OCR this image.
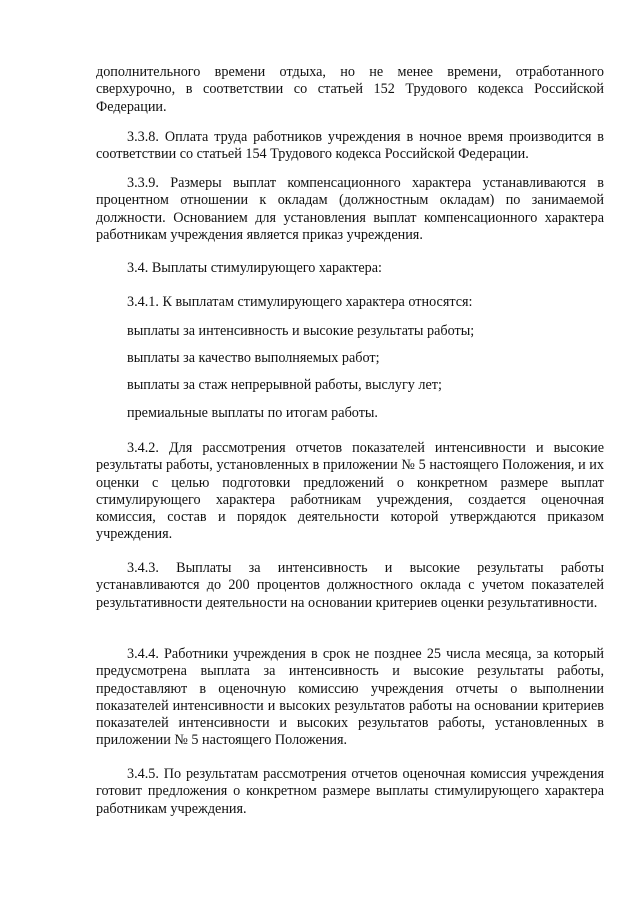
дополнительного времени отдыха, но не менее времени, отработанного сверхурочно, в соответствии со статьей 152 Трудового кодекса Российской Федерации.

3.3.8. Оплата труда работников учреждения в ночное время производится в соответствии со статьей 154 Трудового кодекса Российской Федерации.

3.3.9. Размеры выплат компенсационного характера устанавливаются в процентном отношении к окладам (должностным окладам) по занимаемой должности. Основанием для установления выплат компенсационного характера работникам учреждения является приказ учреждения.

3.4. Выплаты стимулирующего характера:

3.4.1. К выплатам стимулирующего характера относятся:

выплаты за интенсивность и высокие результаты работы;

выплаты за качество выполняемых работ;

выплаты за стаж непрерывной работы, выслугу лет;

премиальные выплаты по итогам работы.

3.4.2. Для рассмотрения отчетов показателей интенсивности и высокие результаты работы, установленных в приложении № 5 настоящего Положения, и их оценки с целью подготовки предложений о конкретном размере выплат стимулирующего характера работникам учреждения, создается оценочная комиссия, состав и порядок деятельности которой утверждаются приказом учреждения.

3.4.3. Выплаты за интенсивность и высокие результаты работы устанавливаются до 200 процентов должностного оклада с учетом показателей результативности деятельности на основании критериев оценки результативности.

3.4.4. Работники учреждения в срок не позднее 25 числа месяца, за который предусмотрена выплата за интенсивность и высокие результаты работы, предоставляют в оценочную комиссию учреждения отчеты о выполнении показателей интенсивности и высоких результатов работы на основании критериев показателей интенсивности и высоких результатов работы, установленных в приложении № 5 настоящего Положения.

3.4.5. По результатам рассмотрения отчетов оценочная комиссия учреждения готовит предложения о конкретном размере выплаты стимулирующего характера работникам учреждения.
